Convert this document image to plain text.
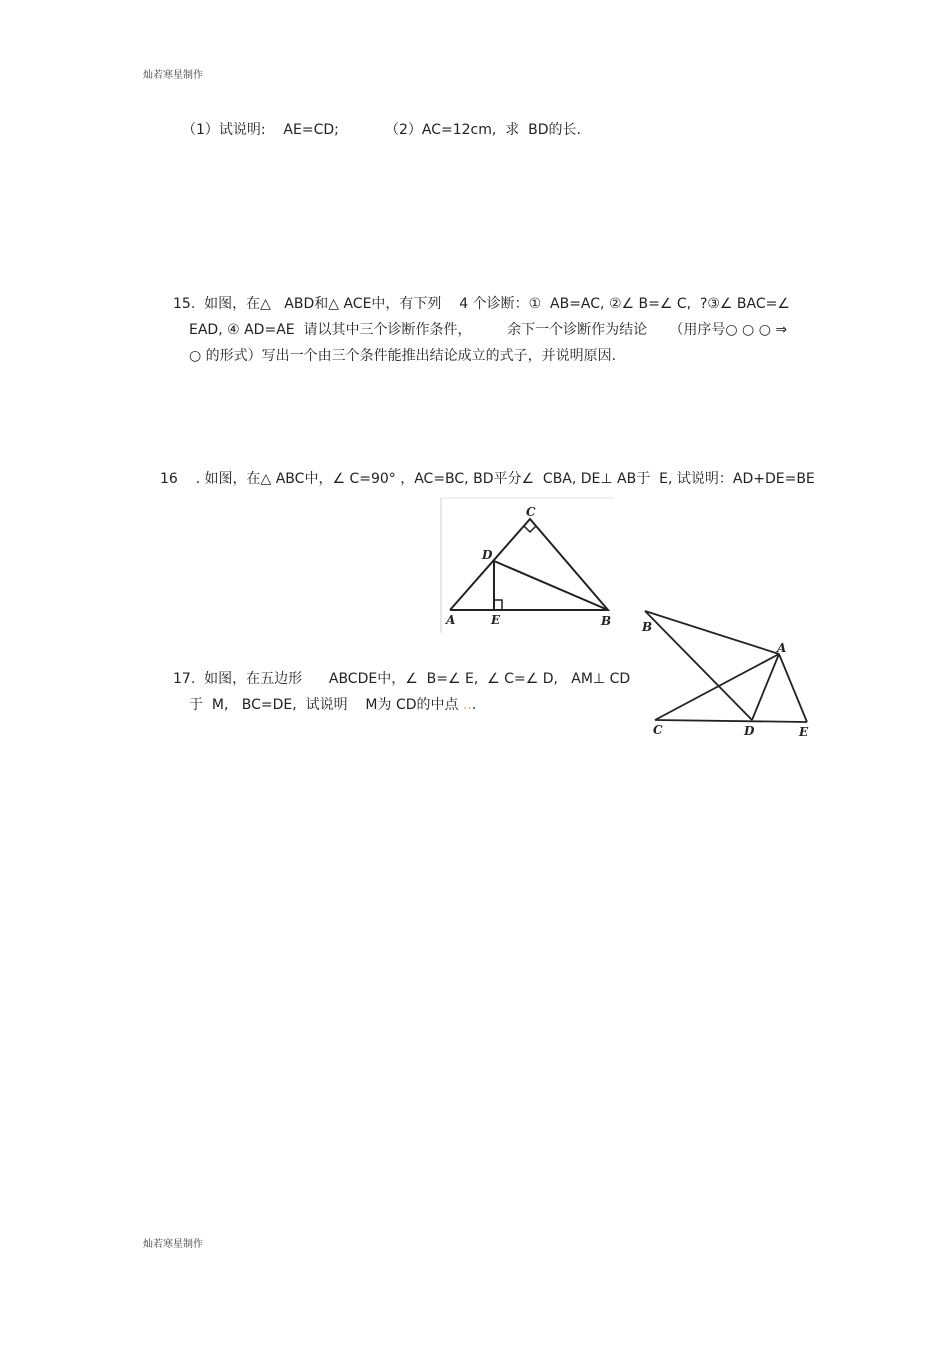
灿若寒星制作
灿若寒星制作
（1）试说明:    AE=CD;	（2）AC=12cm,  求  BD的长.
15.  如图，在△   ABD和△ ACE中，有下列    4 个诊断：①  AB=AC, ②∠ B=∠ C,  ?③∠ BAC=∠
EAD, ④ AD=AE  请以其中三个诊断作条件，        余下一个诊断作为结论     （用序号○ ○ ○ ⇒
○ 的形式）写出一个由三个条件能推出结论成立的式子，并说明原因.
16    . 如图，在△ ABC中，∠ C=90° ，AC=BC, BD平分∠  CBA, DE⊥ AB于  E, 试说明：AD+DE=BE
C
D
A	E	B
17.  如图，在五边形      ABCDE中，∠  B=∠ E,  ∠ C=∠ D,   AM⊥ CD
于  M,   BC=DE,  试说明    M为 CD的中点 ...
B
A
C	D	E
